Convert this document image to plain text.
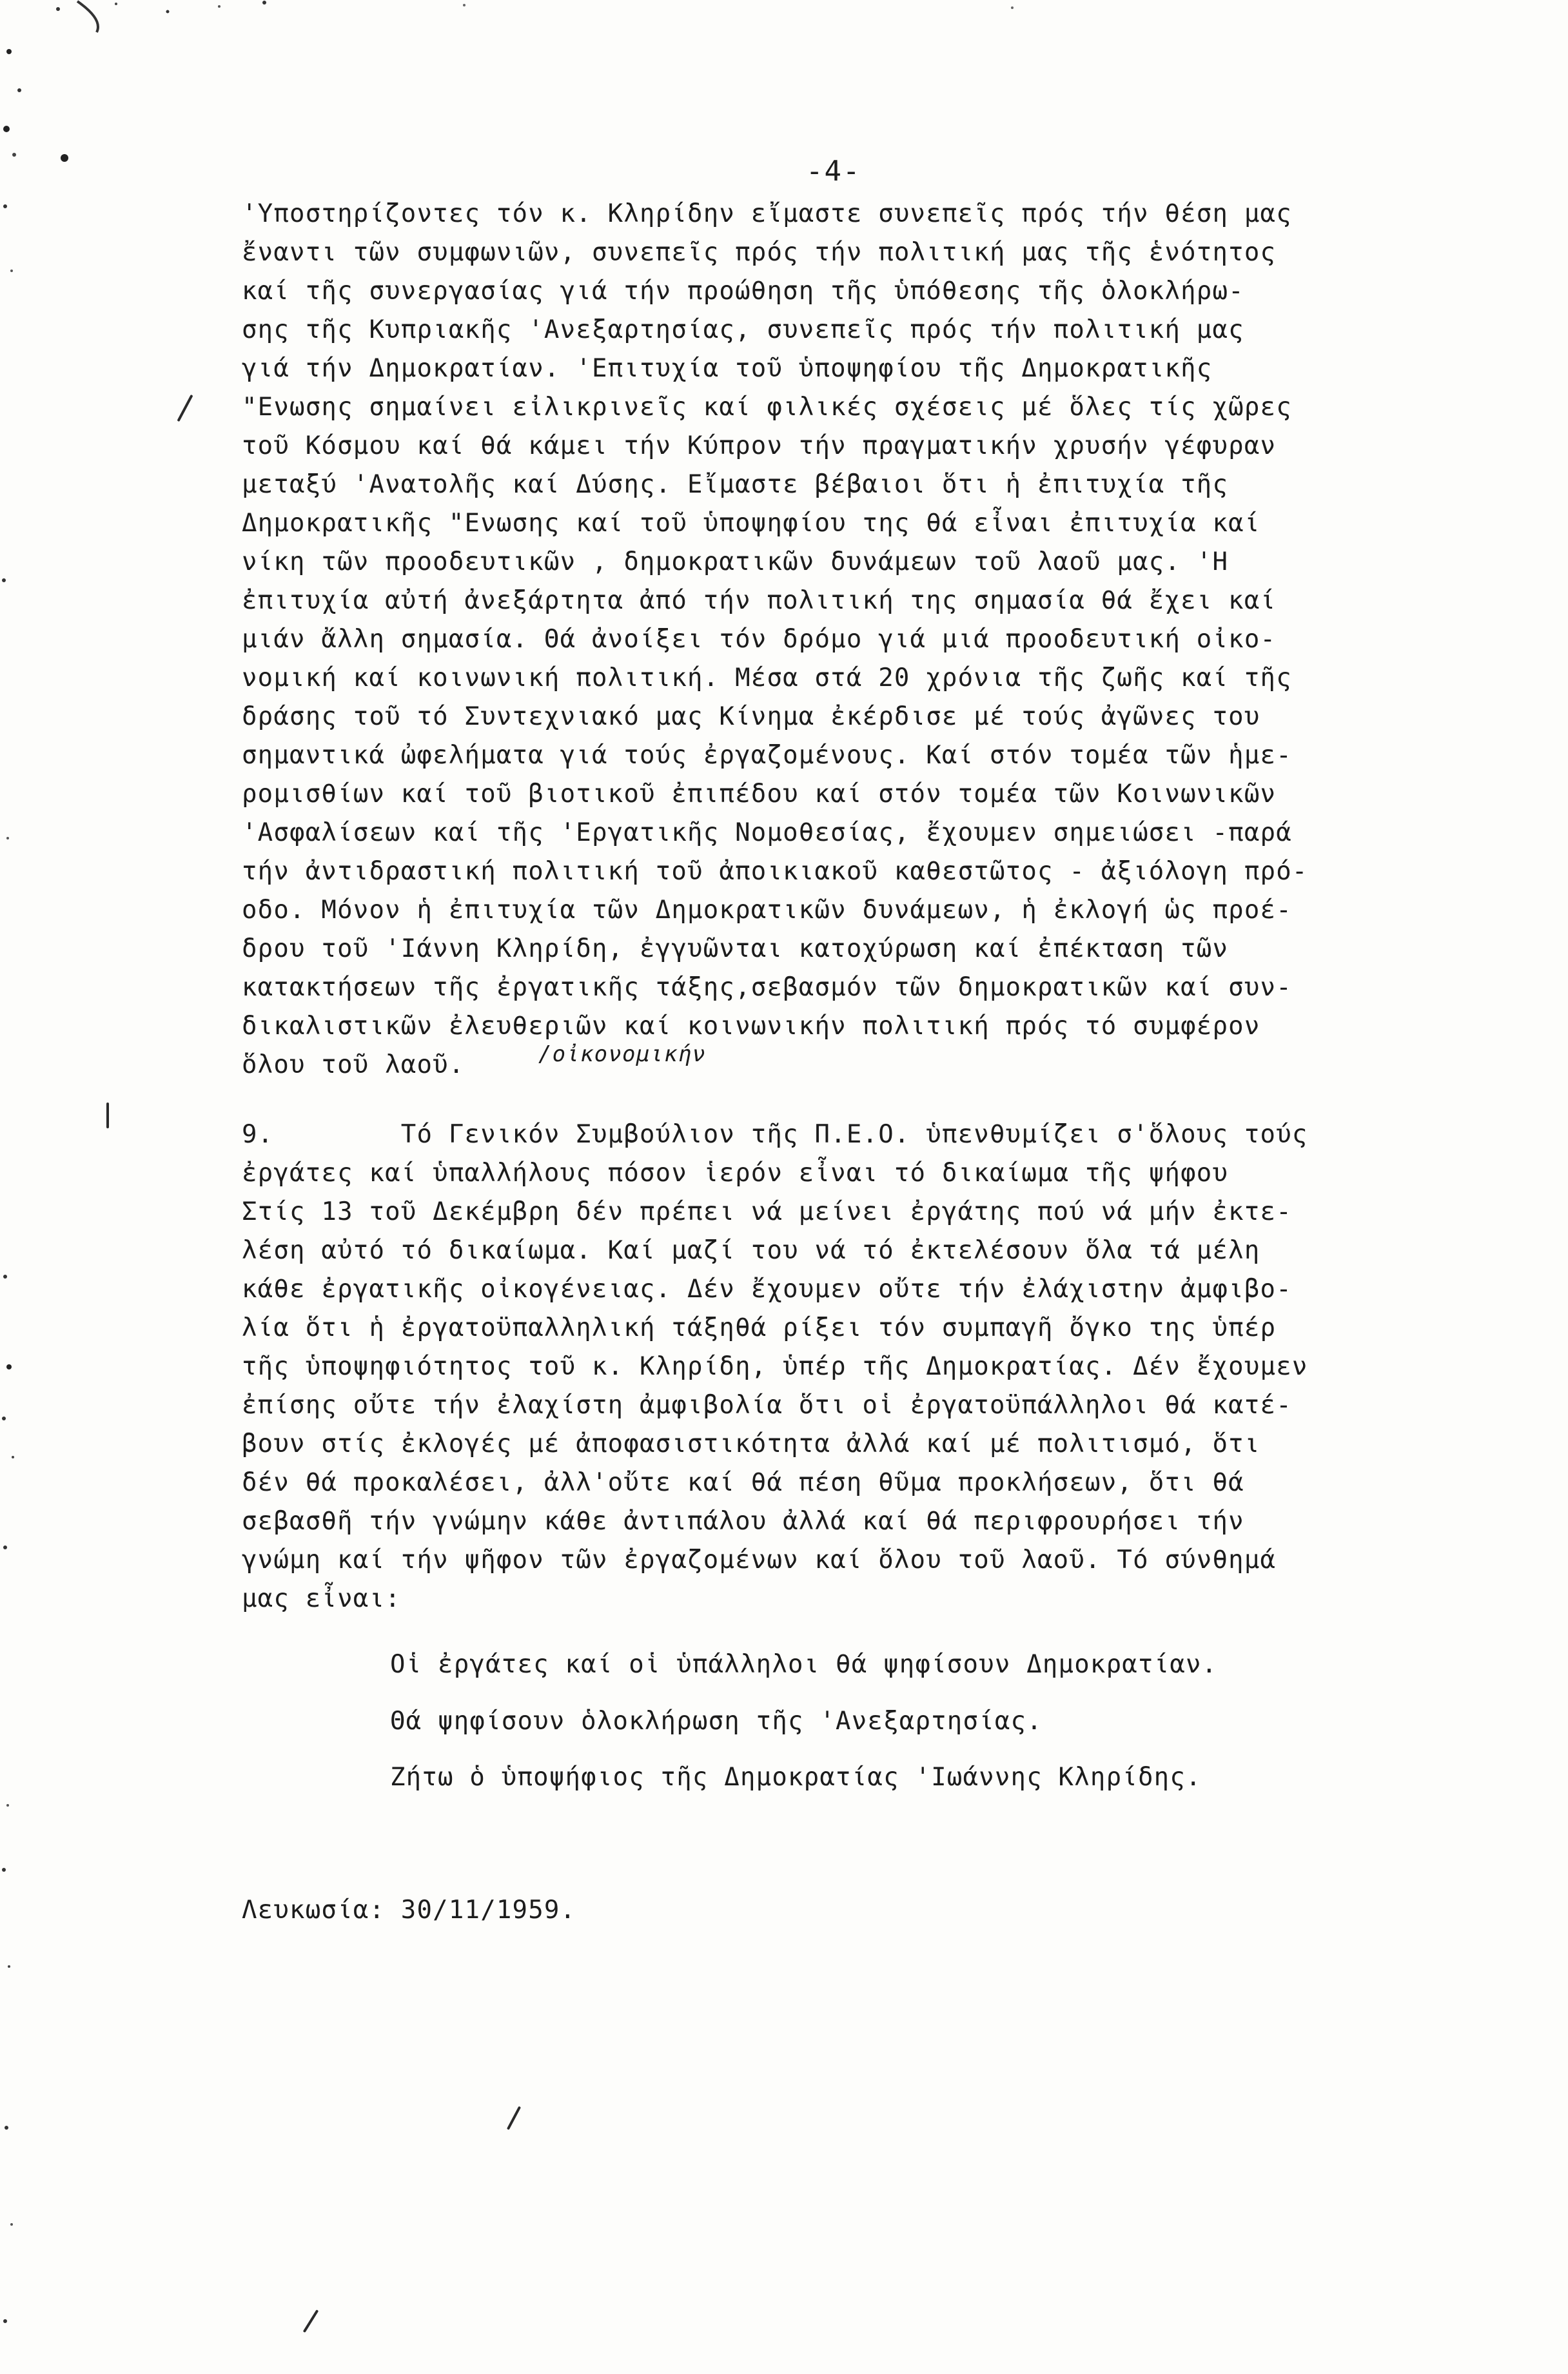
-4-
'Υποστηρίζοντες τόν κ. Κληρίδην εἴμαστε συνεπεῖς πρός τήν θέση μας
ἔναντι τῶν συμφωνιῶν, συνεπεῖς πρός τήν πολιτική μας τῆς ἑνότητος
καί τῆς συνεργασίας γιά τήν προώθηση τῆς ὑπόθεσης τῆς ὁλοκλήρω-
σης τῆς Κυπριακῆς 'Ανεξαρτησίας, συνεπεῖς πρός τήν πολιτική μας
γιά τήν Δημοκρατίαν. 'Επιτυχία τοῦ ὑποψηφίου τῆς Δημοκρατικῆς
"Ενωσης σημαίνει εἰλικρινεῖς καί φιλικές σχέσεις μέ ὅλες τίς χῶρες
τοῦ Κόσμου καί θά κάμει τήν Κύπρον τήν πραγματικήν χρυσήν γέφυραν
μεταξύ 'Ανατολῆς καί Δύσης. Εἴμαστε βέβαιοι ὅτι ἡ ἐπιτυχία τῆς
Δημοκρατικῆς "Ενωσης καί τοῦ ὑποψηφίου της θά εἶναι ἐπιτυχία καί
νίκη τῶν προοδευτικῶν , δημοκρατικῶν δυνάμεων τοῦ λαοῦ μας. 'Η
ἐπιτυχία αὐτή ἀνεξάρτητα ἀπό τήν πολιτική της σημασία θά ἔχει καί
μιάν ἄλλη σημασία. Θά ἀνοίξει τόν δρόμο γιά μιά προοδευτική οἰκο-
νομική καί κοινωνική πολιτική. Μέσα στά 20 χρόνια τῆς ζωῆς καί τῆς
δράσης τοῦ τό Συντεχνιακό μας Κίνημα ἐκέρδισε μέ τούς ἀγῶνες του
σημαντικά ὠφελήματα γιά τούς ἐργαζομένους. Καί στόν τομέα τῶν ἡμε-
ρομισθίων καί τοῦ βιοτικοῦ ἐπιπέδου καί στόν τομέα τῶν Κοινωνικῶν
'Ασφαλίσεων καί τῆς 'Εργατικῆς Νομοθεσίας, ἔχουμεν σημειώσει -παρά
τήν ἀντιδραστική πολιτική τοῦ ἀποικιακοῦ καθεστῶτος - ἀξιόλογη πρό-
οδο. Μόνον ἡ ἐπιτυχία τῶν Δημοκρατικῶν δυνάμεων, ἡ ἐκλογή ὡς προέ-
δρου τοῦ 'Ιάννη Κληρίδη, ἐγγυῶνται κατοχύρωση καί ἐπέκταση τῶν
κατακτήσεων τῆς ἐργατικῆς τάξης,σεβασμόν τῶν δημοκρατικῶν καί συν-
δικαλιστικῶν ἐλευθεριῶν καί κοινωνικήν πολιτική πρός τό συμφέρον
ὅλου τοῦ λαοῦ.	/οἰκονομικήν
9.        Τό Γενικόν Συμβούλιον τῆς Π.Ε.Ο. ὑπενθυμίζει σ'ὅλους τούς
ἐργάτες καί ὑπαλλήλους πόσον ἱερόν εἶναι τό δικαίωμα τῆς ψήφου
Στίς 13 τοῦ Δεκέμβρη δέν πρέπει νά μείνει ἐργάτης πού νά μήν ἐκτε-
λέση αὐτό τό δικαίωμα. Καί μαζί του νά τό ἐκτελέσουν ὅλα τά μέλη
κάθε ἐργατικῆς οἰκογένειας. Δέν ἔχουμεν οὔτε τήν ἐλάχιστην ἀμφιβο-
λία ὅτι ἡ ἐργατοϋπαλληλική τάξηθά ρίξει τόν συμπαγῆ ὄγκο της ὑπέρ
τῆς ὑποψηφιότητος τοῦ κ. Κληρίδη, ὑπέρ τῆς Δημοκρατίας. Δέν ἔχουμεν
ἐπίσης οὔτε τήν ἐλαχίστη ἀμφιβολία ὅτι οἱ ἐργατοϋπάλληλοι θά κατέ-
βουν στίς ἐκλογές μέ ἀποφασιστικότητα ἀλλά καί μέ πολιτισμό, ὅτι
δέν θά προκαλέσει, ἀλλ'οὔτε καί θά πέση θῦμα προκλήσεων, ὅτι θά
σεβασθῆ τήν γνώμην κάθε ἀντιπάλου ἀλλά καί θά περιφρουρήσει τήν
γνώμη καί τήν ψῆφον τῶν ἐργαζομένων καί ὅλου τοῦ λαοῦ. Τό σύνθημά
μας εἶναι:
Οἱ ἐργάτες καί οἱ ὑπάλληλοι θά ψηφίσουν Δημοκρατίαν.
Θά ψηφίσουν ὁλοκλήρωση τῆς 'Ανεξαρτησίας.
Ζήτω ὁ ὑποψήφιος τῆς Δημοκρατίας 'Ιωάννης Κληρίδης.
Λευκωσία: 30/11/1959.
